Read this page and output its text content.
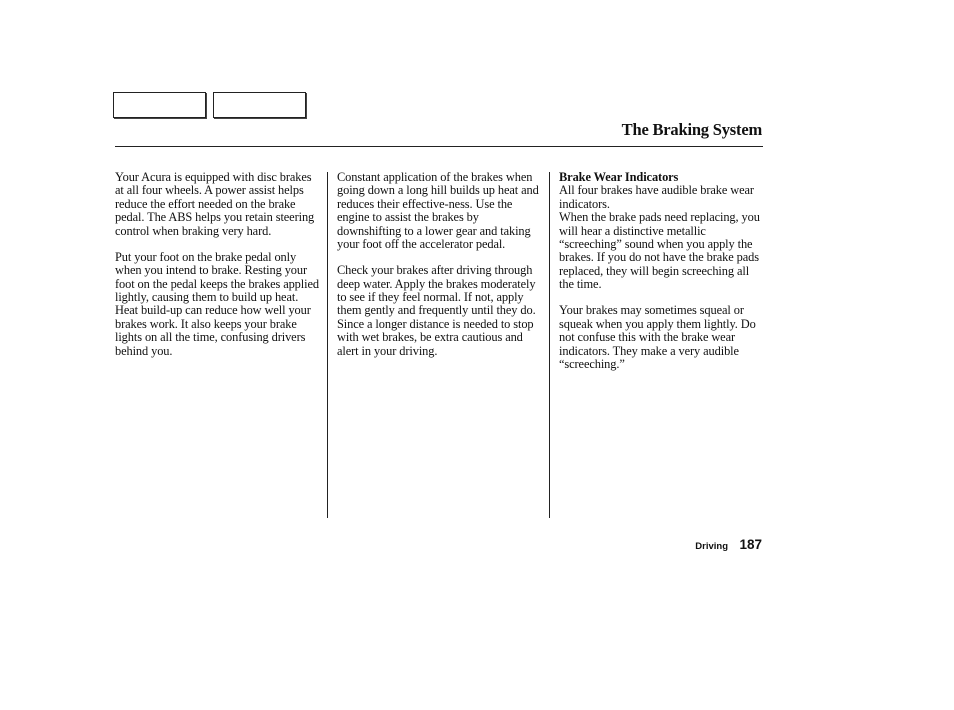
The Braking System

Your Acura is equipped with disc brakes at all four wheels. A power assist helps reduce the effort needed on the brake pedal. The ABS helps you retain steering control when braking very hard.

Put your foot on the brake pedal only when you intend to brake. Resting your foot on the pedal keeps the brakes applied lightly, causing them to build up heat. Heat build-up can reduce how well your brakes work. It also keeps your brake lights on all the time, confusing drivers behind you.

Constant application of the brakes when going down a long hill builds up heat and reduces their effective-ness. Use the engine to assist the brakes by downshifting to a lower gear and taking your foot off the accelerator pedal.

Check your brakes after driving through deep water. Apply the brakes moderately to see if they feel normal. If not, apply them gently and frequently until they do. Since a longer distance is needed to stop with wet brakes, be extra cautious and alert in your driving.

Brake Wear Indicators
All four brakes have audible brake wear indicators.

When the brake pads need replacing, you will hear a distinctive metallic “screeching” sound when you apply the brakes. If you do not have the brake pads replaced, they will begin screeching all the time.

Your brakes may sometimes squeal or squeak when you apply them lightly. Do not confuse this with the brake wear indicators. They make a very audible “screeching.”

Driving 187
